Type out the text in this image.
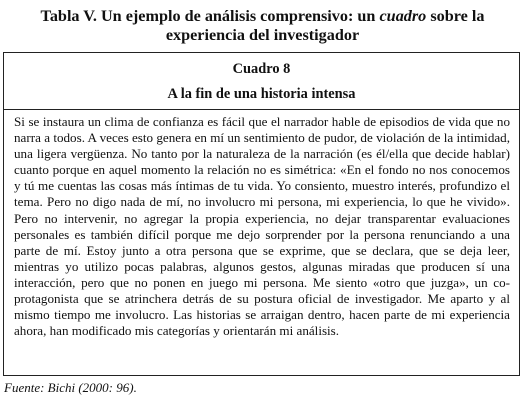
Tabla V. Un ejemplo de análisis comprensivo: un cuadro sobre la experiencia del investigador
Cuadro 8
A la fin de una historia intensa
Si se instaura un clima de confianza es fácil que el narrador hable de episodios de vida que no narra a todos. A veces esto genera en mí un sentimiento de pudor, de violación de la intimidad, una ligera vergüenza. No tanto por la naturaleza de la narración (es él/ella que decide hablar) cuanto porque en aquel momento la relación no es simétrica: «En el fondo no nos conocemos y tú me cuentas las cosas más íntimas de tu vida. Yo consiento, muestro interés, profundizo el tema. Pero no digo nada de mí, no involucro mi persona, mi experiencia, lo que he vivido». Pero no intervenir, no agregar la propia experiencia, no dejar transparentar evaluaciones personales es también difícil porque me dejo sorprender por la persona renunciando a una parte de mí. Estoy junto a otra persona que se exprime, que se declara, que se deja leer, mientras yo utilizo pocas palabras, algunos gestos, algunas miradas que producen sí una interacción, pero que no ponen en juego mi persona. Me siento «otro que juzga», un co-protagonista que se atrinchera detrás de su postura oficial de investigador. Me aparto y al mismo tiempo me involucro. Las historias se arraigan dentro, hacen parte de mi experiencia ahora, han modificado mis categorías y orientarán mi análisis.
Fuente: Bichi (2000: 96).
